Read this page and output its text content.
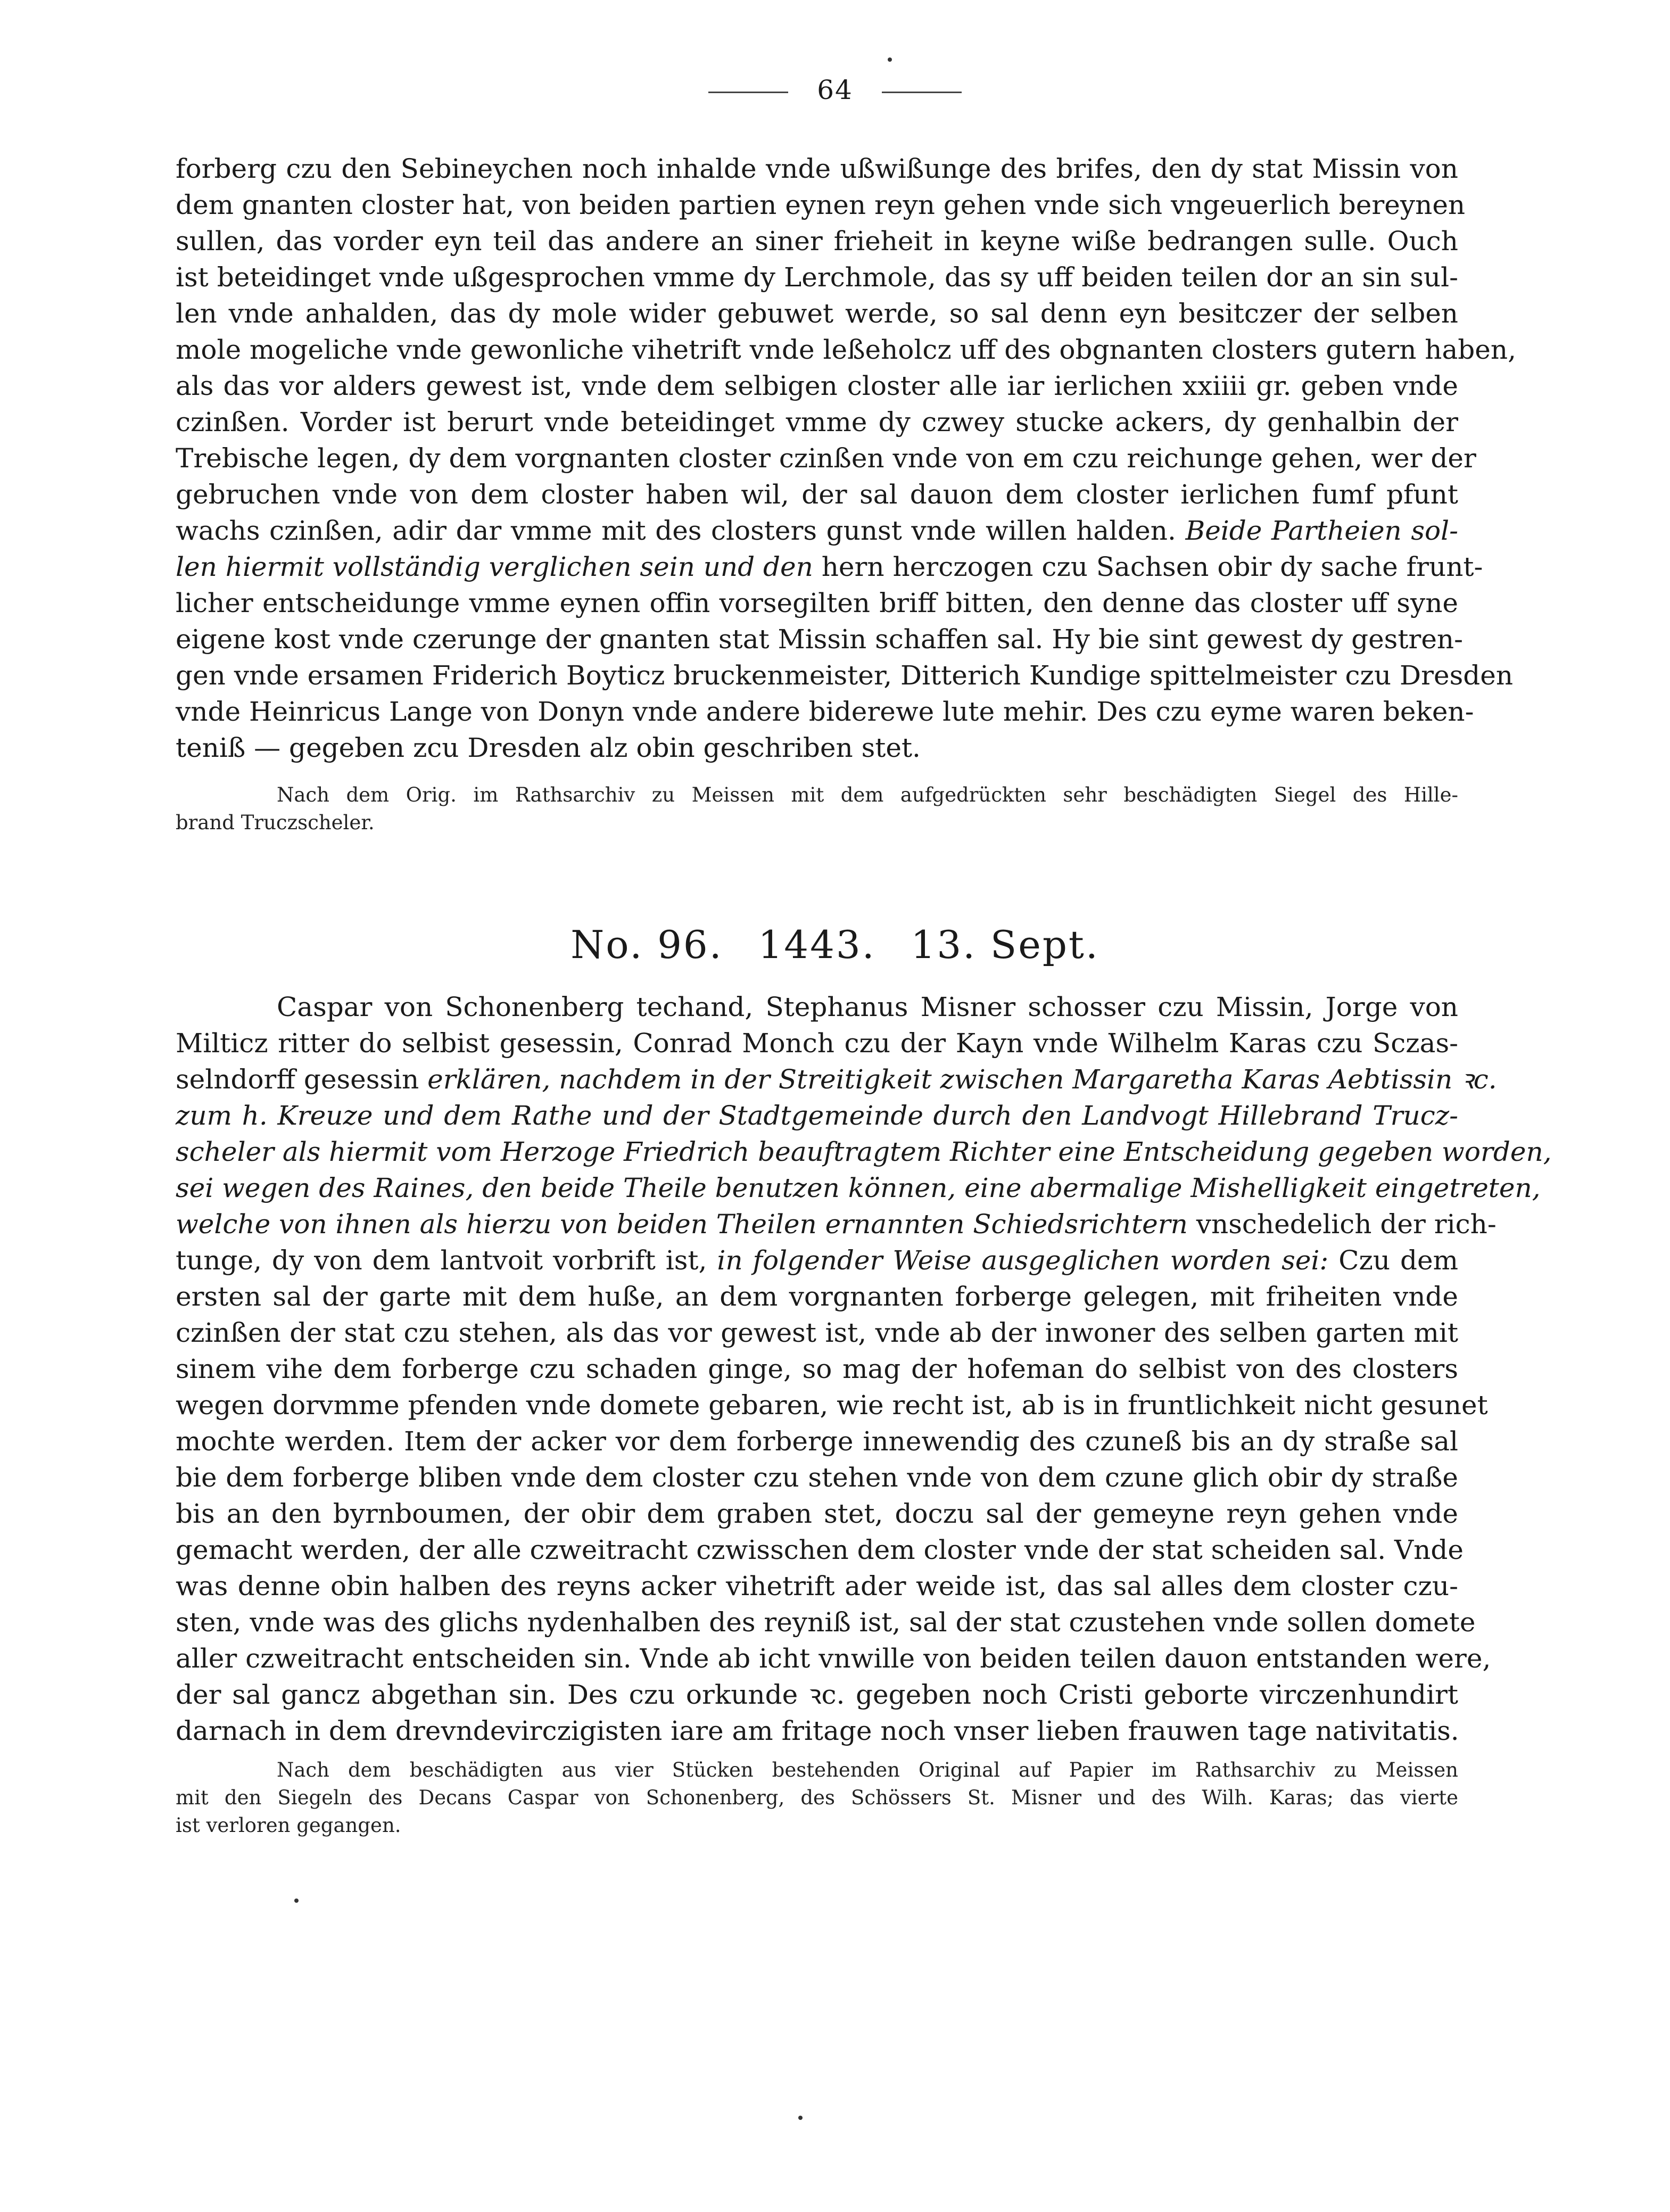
64
forberg czu den Sebineychen noch inhalde vnde ußwißunge des brifes, den dy stat Missin von
dem gnanten closter hat, von beiden partien eynen reyn gehen vnde sich vngeuerlich bereynen
sullen, das vorder eyn teil das andere an siner frieheit in keyne wiße bedrangen sulle. Ouch
ist beteidinget vnde ußgesprochen vmme dy Lerchmole, das sy uff beiden teilen dor an sin sul-
len vnde anhalden, das dy mole wider gebuwet werde, so sal denn eyn besitczer der selben
mole mogeliche vnde gewonliche vihetrift vnde leßeholcz uff des obgnanten closters gutern haben,
als das vor alders gewest ist, vnde dem selbigen closter alle iar ierlichen xxiiii gr. geben vnde
czinßen. Vorder ist berurt vnde beteidinget vmme dy czwey stucke ackers, dy genhalbin der
Trebische legen, dy dem vorgnanten closter czinßen vnde von em czu reichunge gehen, wer der
gebruchen vnde von dem closter haben wil, der sal dauon dem closter ierlichen fumf pfunt
wachs czinßen, adir dar vmme mit des closters gunst vnde willen halden. Beide Partheien sol-
len hiermit vollständig verglichen sein und den hern herczogen czu Sachsen obir dy sache frunt-
licher entscheidunge vmme eynen offin vorsegilten briff bitten, den denne das closter uff syne
eigene kost vnde czerunge der gnanten stat Missin schaffen sal. Hy bie sint gewest dy gestren-
gen vnde ersamen Friderich Boyticz bruckenmeister, Ditterich Kundige spittelmeister czu Dresden
vnde Heinricus Lange von Donyn vnde andere biderewe lute mehir. Des czu eyme waren beken-
teniß — gegeben zcu Dresden alz obin geschriben stet.
Nach dem Orig. im Rathsarchiv zu Meissen mit dem aufgedrückten sehr beschädigten Siegel des Hille-
brand Truczscheler.
No. 96. 1443. 13. Sept.
Caspar von Schonenberg techand, Stephanus Misner schosser czu Missin, Jorge von
Milticz ritter do selbist gesessin, Conrad Monch czu der Kayn vnde Wilhelm Karas czu Sczas-
selndorff gesessin erklären, nachdem in der Streitigkeit zwischen Margaretha Karas Aebtissin ꝛc.
zum h. Kreuze und dem Rathe und der Stadtgemeinde durch den Landvogt Hillebrand Trucz-
scheler als hiermit vom Herzoge Friedrich beauftragtem Richter eine Entscheidung gegeben worden,
sei wegen des Raines, den beide Theile benutzen können, eine abermalige Mishelligkeit eingetreten,
welche von ihnen als hierzu von beiden Theilen ernannten Schiedsrichtern vnschedelich der rich-
tunge, dy von dem lantvoit vorbrift ist, in folgender Weise ausgeglichen worden sei: Czu dem
ersten sal der garte mit dem huße, an dem vorgnanten forberge gelegen, mit friheiten vnde
czinßen der stat czu stehen, als das vor gewest ist, vnde ab der inwoner des selben garten mit
sinem vihe dem forberge czu schaden ginge, so mag der hofeman do selbist von des closters
wegen dorvmme pfenden vnde domete gebaren, wie recht ist, ab is in fruntlichkeit nicht gesunet
mochte werden. Item der acker vor dem forberge innewendig des czuneß bis an dy straße sal
bie dem forberge bliben vnde dem closter czu stehen vnde von dem czune glich obir dy straße
bis an den byrnboumen, der obir dem graben stet, doczu sal der gemeyne reyn gehen vnde
gemacht werden, der alle czweitracht czwisschen dem closter vnde der stat scheiden sal. Vnde
was denne obin halben des reyns acker vihetrift ader weide ist, das sal alles dem closter czu-
sten, vnde was des glichs nydenhalben des reyniß ist, sal der stat czustehen vnde sollen domete
aller czweitracht entscheiden sin. Vnde ab icht vnwille von beiden teilen dauon entstanden were,
der sal gancz abgethan sin. Des czu orkunde ꝛc. gegeben noch Cristi geborte virczenhundirt
darnach in dem drevndevirczigisten iare am fritage noch vnser lieben frauwen tage nativitatis.
Nach dem beschädigten aus vier Stücken bestehenden Original auf Papier im Rathsarchiv zu Meissen
mit den Siegeln des Decans Caspar von Schonenberg, des Schössers St. Misner und des Wilh. Karas; das vierte
ist verloren gegangen.
